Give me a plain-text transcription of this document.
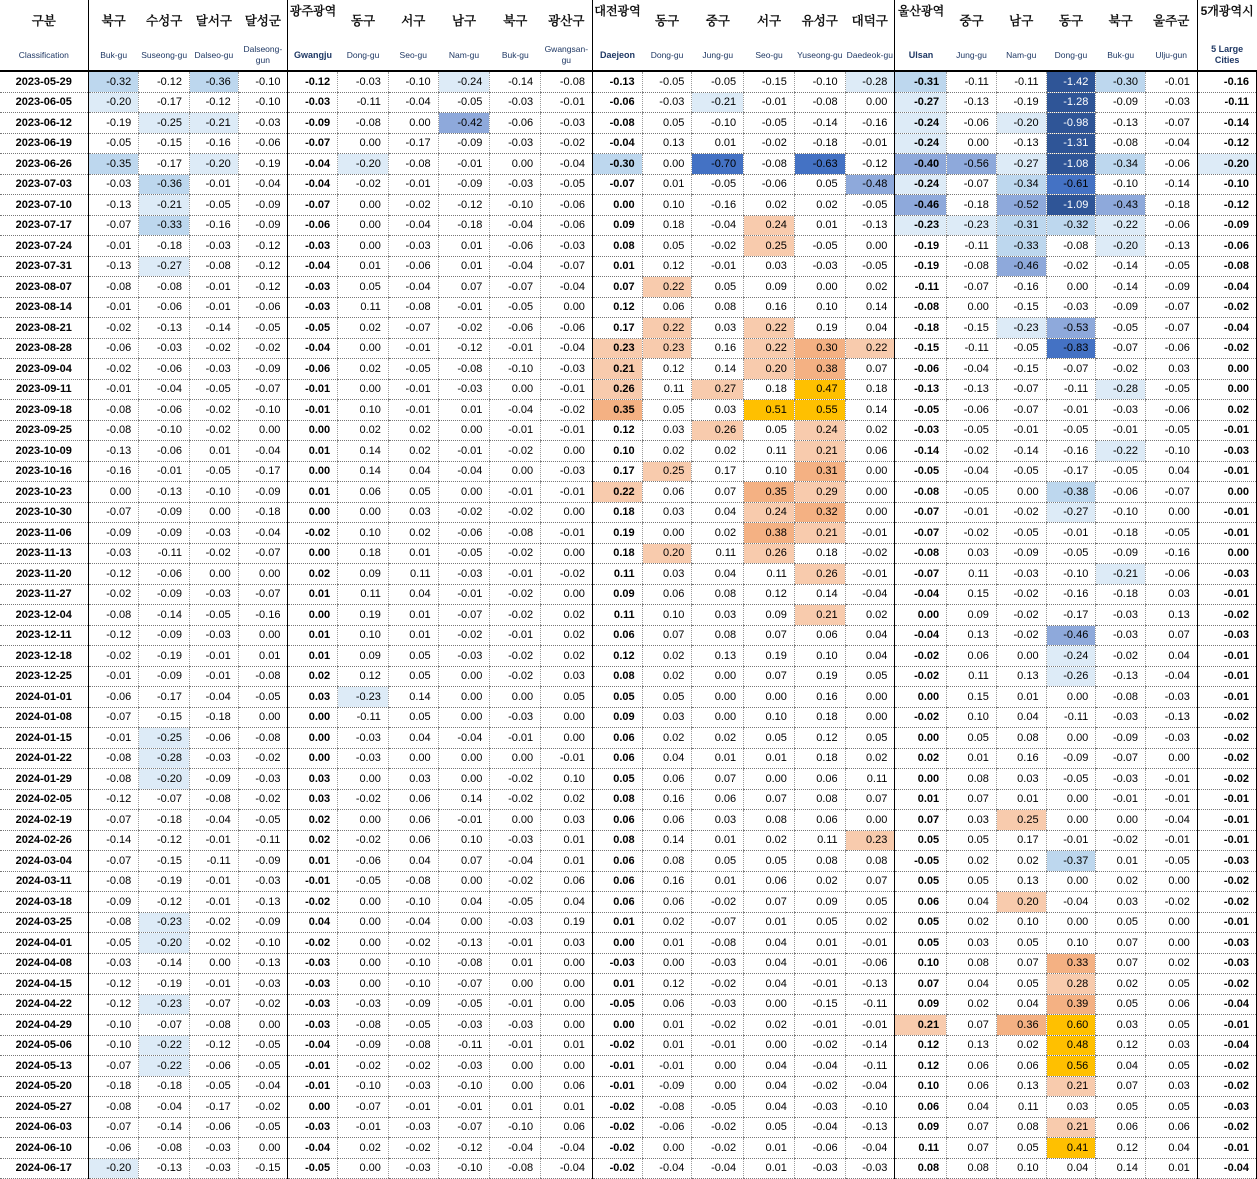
구분	북구	수성구	달서구	달성군	광주광역	동구	서구	남구	북구	광산구	대전광역	동구	중구	서구	유성구	대덕구	울산광역	중구	남구	동구	북구	울주군	5개광역시
Classification	Buk-gu	Suseong-gu	Dalseo-gu	Dalseong-gun	Gwangju	Dong-gu	Seo-gu	Nam-gu	Buk-gu	Gwangsan-gu	Daejeon	Dong-gu	Jung-gu	Seo-gu	Yuseong-gu	Daedeok-gu	Ulsan	Jung-gu	Nam-gu	Dong-gu	Buk-gu	Ulju-gun	5 Large Cities
2023-05-29	-0.32	-0.12	-0.36	-0.10	-0.12	-0.03	-0.10	-0.24	-0.14	-0.08	-0.13	-0.05	-0.05	-0.15	-0.10	-0.28	-0.31	-0.11	-0.11	-1.42	-0.30	-0.01	-0.16
2023-06-05	-0.20	-0.17	-0.12	-0.10	-0.03	-0.11	-0.04	-0.05	-0.03	-0.01	-0.06	-0.03	-0.21	-0.01	-0.08	0.00	-0.27	-0.13	-0.19	-1.28	-0.09	-0.03	-0.11
2023-06-12	-0.19	-0.25	-0.21	-0.03	-0.09	-0.08	0.00	-0.42	-0.06	-0.03	-0.08	0.05	-0.10	-0.05	-0.14	-0.16	-0.24	-0.06	-0.20	-0.98	-0.13	-0.07	-0.14
2023-06-19	-0.05	-0.15	-0.16	-0.06	-0.07	0.00	-0.17	-0.09	-0.03	-0.02	-0.04	0.13	0.01	-0.02	-0.18	-0.01	-0.24	0.00	-0.13	-1.31	-0.08	-0.04	-0.12
2023-06-26	-0.35	-0.17	-0.20	-0.19	-0.04	-0.20	-0.08	-0.01	0.00	-0.04	-0.30	0.00	-0.70	-0.08	-0.63	-0.12	-0.40	-0.56	-0.27	-1.08	-0.34	-0.06	-0.20
2023-07-03	-0.03	-0.36	-0.01	-0.04	-0.04	-0.02	-0.01	-0.09	-0.03	-0.05	-0.07	0.01	-0.05	-0.06	0.05	-0.48	-0.24	-0.07	-0.34	-0.61	-0.10	-0.14	-0.10
2023-07-10	-0.13	-0.21	-0.05	-0.09	-0.07	0.00	-0.02	-0.12	-0.10	-0.06	0.00	0.10	-0.16	0.02	0.02	-0.05	-0.46	-0.18	-0.52	-1.09	-0.43	-0.18	-0.12
2023-07-17	-0.07	-0.33	-0.16	-0.09	-0.06	0.00	-0.04	-0.18	-0.04	-0.06	0.09	0.18	-0.04	0.24	0.01	-0.13	-0.23	-0.23	-0.31	-0.32	-0.22	-0.06	-0.09
2023-07-24	-0.01	-0.18	-0.03	-0.12	-0.03	0.00	-0.03	0.01	-0.06	-0.03	0.08	0.05	-0.02	0.25	-0.05	0.00	-0.19	-0.11	-0.33	-0.08	-0.20	-0.13	-0.06
2023-07-31	-0.13	-0.27	-0.08	-0.12	-0.04	0.01	-0.06	0.01	-0.04	-0.07	0.01	0.12	-0.01	0.03	-0.03	-0.05	-0.19	-0.08	-0.46	-0.02	-0.14	-0.05	-0.08
2023-08-07	-0.08	-0.08	-0.01	-0.12	-0.03	0.05	-0.04	0.07	-0.07	-0.04	0.07	0.22	0.05	0.09	0.00	0.02	-0.11	-0.07	-0.16	0.00	-0.14	-0.09	-0.04
2023-08-14	-0.01	-0.06	-0.01	-0.06	-0.03	0.11	-0.08	-0.01	-0.05	0.00	0.12	0.06	0.08	0.16	0.10	0.14	-0.08	0.00	-0.15	-0.03	-0.09	-0.07	-0.02
2023-08-21	-0.02	-0.13	-0.14	-0.05	-0.05	0.02	-0.07	-0.02	-0.06	-0.06	0.17	0.22	0.03	0.22	0.19	0.04	-0.18	-0.15	-0.23	-0.53	-0.05	-0.07	-0.04
2023-08-28	-0.06	-0.03	-0.02	-0.02	-0.04	0.00	-0.01	-0.12	-0.01	-0.04	0.23	0.23	0.16	0.22	0.30	0.22	-0.15	-0.11	-0.05	-0.83	-0.07	-0.06	-0.02
2023-09-04	-0.02	-0.06	-0.03	-0.09	-0.06	0.02	-0.05	-0.08	-0.10	-0.03	0.21	0.12	0.14	0.20	0.38	0.07	-0.06	-0.04	-0.15	-0.07	-0.02	0.03	0.00
2023-09-11	-0.01	-0.04	-0.05	-0.07	-0.01	0.00	-0.01	-0.03	0.00	-0.01	0.26	0.11	0.27	0.18	0.47	0.18	-0.13	-0.13	-0.07	-0.11	-0.28	-0.05	0.00
2023-09-18	-0.08	-0.06	-0.02	-0.10	-0.01	0.10	-0.01	0.01	-0.04	-0.02	0.35	0.05	0.03	0.51	0.55	0.14	-0.05	-0.06	-0.07	-0.01	-0.03	-0.06	0.02
2023-09-25	-0.08	-0.10	-0.02	0.00	0.00	0.02	0.02	0.00	-0.01	-0.01	0.12	0.03	0.26	0.05	0.24	0.02	-0.03	-0.05	-0.01	-0.05	-0.01	-0.05	-0.01
2023-10-09	-0.13	-0.06	0.01	-0.04	0.01	0.14	0.02	-0.01	-0.02	0.00	0.10	0.02	0.02	0.11	0.21	0.06	-0.14	-0.02	-0.14	-0.16	-0.22	-0.10	-0.03
2023-10-16	-0.16	-0.01	-0.05	-0.17	0.00	0.14	0.04	-0.04	0.00	-0.03	0.17	0.25	0.17	0.10	0.31	0.00	-0.05	-0.04	-0.05	-0.17	-0.05	0.04	-0.01
2023-10-23	0.00	-0.13	-0.10	-0.09	0.01	0.06	0.05	0.00	-0.01	-0.01	0.22	0.06	0.07	0.35	0.29	0.00	-0.08	-0.05	0.00	-0.38	-0.06	-0.07	0.00
2023-10-30	-0.07	-0.09	0.00	-0.18	0.00	0.00	0.03	-0.02	-0.02	0.00	0.18	0.03	0.04	0.24	0.32	0.00	-0.07	-0.01	-0.02	-0.27	-0.10	0.00	-0.01
2023-11-06	-0.09	-0.09	-0.03	-0.04	-0.02	0.10	0.02	-0.06	-0.08	-0.01	0.19	0.00	0.02	0.38	0.21	-0.01	-0.07	-0.02	-0.05	-0.01	-0.18	-0.05	-0.01
2023-11-13	-0.03	-0.11	-0.02	-0.07	0.00	0.18	0.01	-0.05	-0.02	0.00	0.18	0.20	0.11	0.26	0.18	-0.02	-0.08	0.03	-0.09	-0.05	-0.09	-0.16	0.00
2023-11-20	-0.12	-0.06	0.00	0.00	0.02	0.09	0.11	-0.03	-0.01	-0.02	0.11	0.03	0.04	0.11	0.26	-0.01	-0.07	0.11	-0.03	-0.10	-0.21	-0.06	-0.03
2023-11-27	-0.02	-0.09	-0.03	-0.07	0.01	0.11	0.04	-0.01	-0.02	0.00	0.09	0.06	0.08	0.12	0.14	-0.04	-0.04	0.15	-0.02	-0.16	-0.18	0.03	-0.01
2023-12-04	-0.08	-0.14	-0.05	-0.16	0.00	0.19	0.01	-0.07	-0.02	0.02	0.11	0.10	0.03	0.09	0.21	0.02	0.00	0.09	-0.02	-0.17	-0.03	0.13	-0.02
2023-12-11	-0.12	-0.09	-0.03	0.00	0.01	0.10	0.01	-0.02	-0.01	0.02	0.06	0.07	0.08	0.07	0.06	0.04	-0.04	0.13	-0.02	-0.46	-0.03	0.07	-0.03
2023-12-18	-0.02	-0.19	-0.01	0.01	0.01	0.09	0.05	-0.03	-0.02	0.02	0.12	0.02	0.13	0.19	0.10	0.04	-0.02	0.06	0.00	-0.24	-0.02	0.04	-0.01
2023-12-25	-0.01	-0.09	-0.01	-0.08	0.02	0.12	0.05	0.00	-0.02	0.03	0.08	0.02	0.00	0.07	0.19	0.05	-0.02	0.11	0.13	-0.26	-0.13	-0.04	-0.01
2024-01-01	-0.06	-0.17	-0.04	-0.05	0.03	-0.23	0.14	0.00	0.00	0.05	0.05	0.05	0.00	0.00	0.16	0.00	0.00	0.15	0.01	0.00	-0.08	-0.03	-0.01
2024-01-08	-0.07	-0.15	-0.18	0.00	0.00	-0.11	0.05	0.00	-0.03	0.00	0.09	0.03	0.00	0.10	0.18	0.00	-0.02	0.10	0.04	-0.11	-0.03	-0.13	-0.02
2024-01-15	-0.01	-0.25	-0.06	-0.08	0.00	-0.03	0.04	-0.04	-0.01	0.00	0.06	0.02	0.02	0.05	0.12	0.05	0.00	0.05	0.08	0.00	-0.09	-0.03	-0.02
2024-01-22	-0.08	-0.28	-0.03	-0.02	0.00	-0.03	0.00	0.00	0.00	-0.01	0.06	0.04	0.01	0.01	0.18	0.02	0.02	0.01	0.16	-0.09	-0.07	0.00	-0.02
2024-01-29	-0.08	-0.20	-0.09	-0.03	0.03	0.00	0.03	0.00	-0.02	0.10	0.05	0.06	0.07	0.00	0.06	0.11	0.00	0.08	0.03	-0.05	-0.03	-0.01	-0.02
2024-02-05	-0.12	-0.07	-0.08	-0.02	0.03	-0.02	0.06	0.14	-0.02	0.02	0.08	0.16	0.06	0.07	0.08	0.07	0.01	0.07	0.01	0.00	-0.01	-0.01	-0.01
2024-02-19	-0.07	-0.18	-0.04	-0.05	0.02	0.00	0.06	-0.01	0.00	0.03	0.06	0.06	0.03	0.08	0.06	0.00	0.07	0.03	0.25	0.00	0.00	-0.04	-0.01
2024-02-26	-0.14	-0.12	-0.01	-0.11	0.02	-0.02	0.06	0.10	-0.03	0.01	0.08	0.14	0.01	0.02	0.11	0.23	0.05	0.05	0.17	-0.01	-0.02	-0.01	-0.01
2024-03-04	-0.07	-0.15	-0.11	-0.09	0.01	-0.06	0.04	0.07	-0.04	0.01	0.06	0.08	0.05	0.05	0.08	0.08	-0.05	0.02	0.02	-0.37	0.01	-0.05	-0.03
2024-03-11	-0.08	-0.19	-0.01	-0.03	-0.01	-0.05	-0.08	0.00	-0.02	0.06	0.06	0.16	0.01	0.06	0.02	0.07	0.05	0.05	0.13	0.00	0.02	0.00	-0.02
2024-03-18	-0.09	-0.12	-0.01	-0.13	-0.02	0.00	-0.10	0.04	-0.05	0.04	0.06	0.06	-0.02	0.07	0.09	0.05	0.06	0.04	0.20	-0.04	0.03	-0.02	-0.02
2024-03-25	-0.08	-0.23	-0.02	-0.09	0.04	0.00	-0.04	0.00	-0.03	0.19	0.01	0.02	-0.07	0.01	0.05	0.02	0.05	0.02	0.10	0.00	0.05	0.00	-0.01
2024-04-01	-0.05	-0.20	-0.02	-0.10	-0.02	0.00	-0.02	-0.13	-0.01	0.03	0.00	0.01	-0.08	0.04	0.01	-0.01	0.05	0.03	0.05	0.10	0.07	0.00	-0.03
2024-04-08	-0.03	-0.14	0.00	-0.13	-0.03	0.00	-0.10	-0.08	0.01	0.00	-0.03	0.00	-0.03	0.04	-0.01	-0.06	0.10	0.08	0.07	0.33	0.07	0.02	-0.03
2024-04-15	-0.12	-0.19	-0.01	-0.03	-0.03	0.00	-0.10	-0.07	0.00	0.00	0.01	0.12	-0.02	0.04	-0.01	-0.13	0.07	0.04	0.05	0.28	0.02	0.05	-0.02
2024-04-22	-0.12	-0.23	-0.07	-0.02	-0.03	-0.03	-0.09	-0.05	-0.01	0.00	-0.05	0.06	-0.03	0.00	-0.15	-0.11	0.09	0.02	0.04	0.39	0.05	0.06	-0.04
2024-04-29	-0.10	-0.07	-0.08	0.00	-0.03	-0.08	-0.05	-0.03	-0.03	0.00	0.00	0.01	-0.02	0.02	-0.01	-0.01	0.21	0.07	0.36	0.60	0.03	0.05	-0.01
2024-05-06	-0.10	-0.22	-0.12	-0.05	-0.04	-0.09	-0.08	-0.11	-0.01	0.01	-0.02	0.01	-0.01	0.00	-0.02	-0.14	0.12	0.13	0.02	0.48	0.12	0.03	-0.04
2024-05-13	-0.07	-0.22	-0.06	-0.05	-0.01	-0.02	-0.02	-0.03	0.00	0.00	-0.01	-0.01	0.00	0.04	-0.04	-0.11	0.12	0.06	0.06	0.56	0.04	0.05	-0.02
2024-05-20	-0.18	-0.18	-0.05	-0.04	-0.01	-0.10	-0.03	-0.10	0.00	0.06	-0.01	-0.09	0.00	0.04	-0.02	-0.04	0.10	0.06	0.13	0.21	0.07	0.03	-0.02
2024-05-27	-0.08	-0.04	-0.17	-0.02	0.00	-0.07	-0.01	-0.01	0.01	0.01	-0.02	-0.08	-0.05	0.04	-0.03	-0.10	0.06	0.04	0.11	0.03	0.05	0.05	-0.03
2024-06-03	-0.07	-0.14	-0.06	-0.05	-0.03	-0.01	-0.03	-0.07	-0.10	0.06	-0.02	-0.06	-0.02	0.05	-0.04	-0.13	0.09	0.07	0.08	0.21	0.06	0.06	-0.02
2024-06-10	-0.06	-0.08	-0.03	0.00	-0.04	0.02	-0.02	-0.12	-0.04	-0.04	-0.02	0.00	-0.02	0.01	-0.06	-0.04	0.11	0.07	0.05	0.41	0.12	0.04	-0.01
2024-06-17	-0.20	-0.13	-0.03	-0.15	-0.05	0.00	-0.03	-0.10	-0.08	-0.04	-0.02	-0.04	-0.04	0.01	-0.03	-0.03	0.08	0.08	0.10	0.04	0.14	0.01	-0.04
